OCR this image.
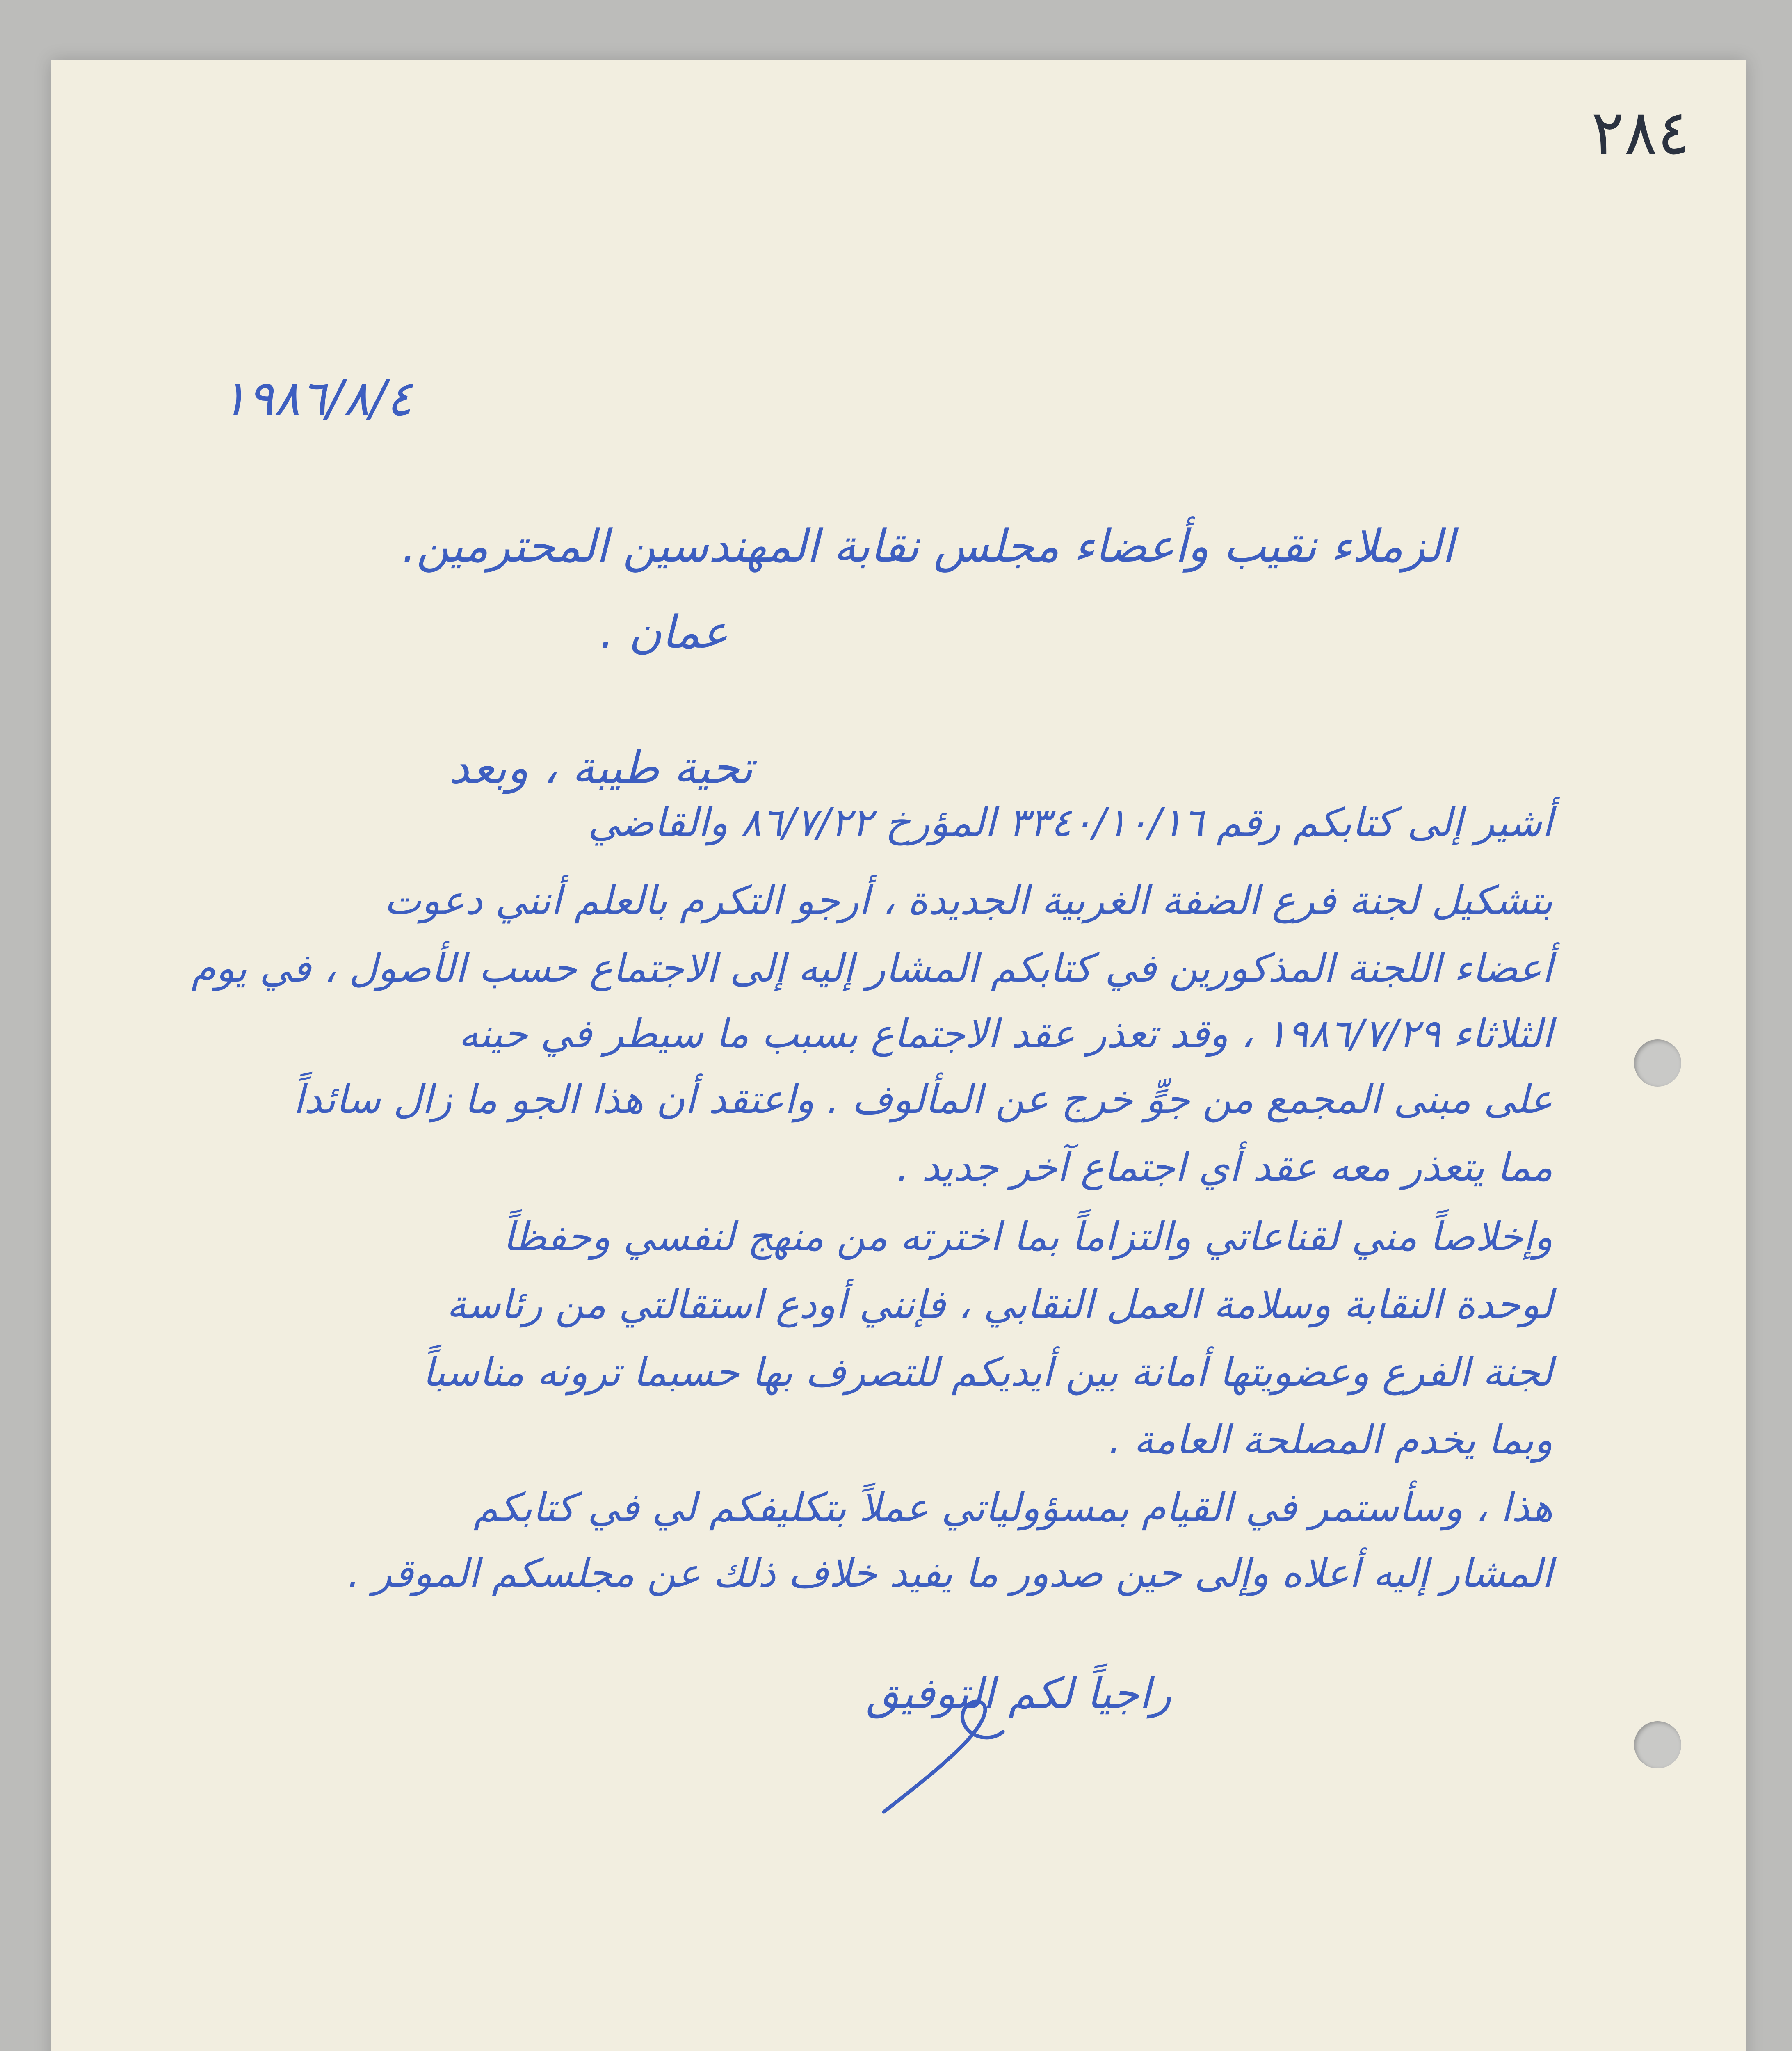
٢٨٤
١٩٨٦/٨/٤
الزملاء نقيب وأعضاء مجلس نقابة المهندسين المحترمين.
عمان .
تحية طيبة ، وبعد
أشير إلى كتابكم رقم ٣٣٤٠/١٠/١٦ المؤرخ ٨٦/٧/٢٢ والقاضي
بتشكيل لجنة فرع الضفة الغربية الجديدة ، أرجو التكرم بالعلم أنني دعوت
أعضاء اللجنة المذكورين في كتابكم المشار إليه إلى الاجتماع حسب الأصول ، في يوم
الثلاثاء ١٩٨٦/٧/٢٩ ، وقد تعذر عقد الاجتماع بسبب ما سيطر في حينه
على مبنى المجمع من جوٍّ خرج عن المألوف . واعتقد أن هذا الجو ما زال سائداً
مما يتعذر معه عقد أي اجتماع آخر جديد .
وإخلاصاً مني لقناعاتي والتزاماً بما اخترته من منهج لنفسي وحفظاً
لوحدة النقابة وسلامة العمل النقابي ، فإنني أودع استقالتي من رئاسة
لجنة الفرع وعضويتها أمانة بين أيديكم للتصرف بها حسبما ترونه مناسباً
وبما يخدم المصلحة العامة .
هذا ، وسأستمر في القيام بمسؤولياتي عملاً بتكليفكم لي في كتابكم
المشار إليه أعلاه وإلى حين صدور ما يفيد خلاف ذلك عن مجلسكم الموقر .
راجياً لكم التوفيق
